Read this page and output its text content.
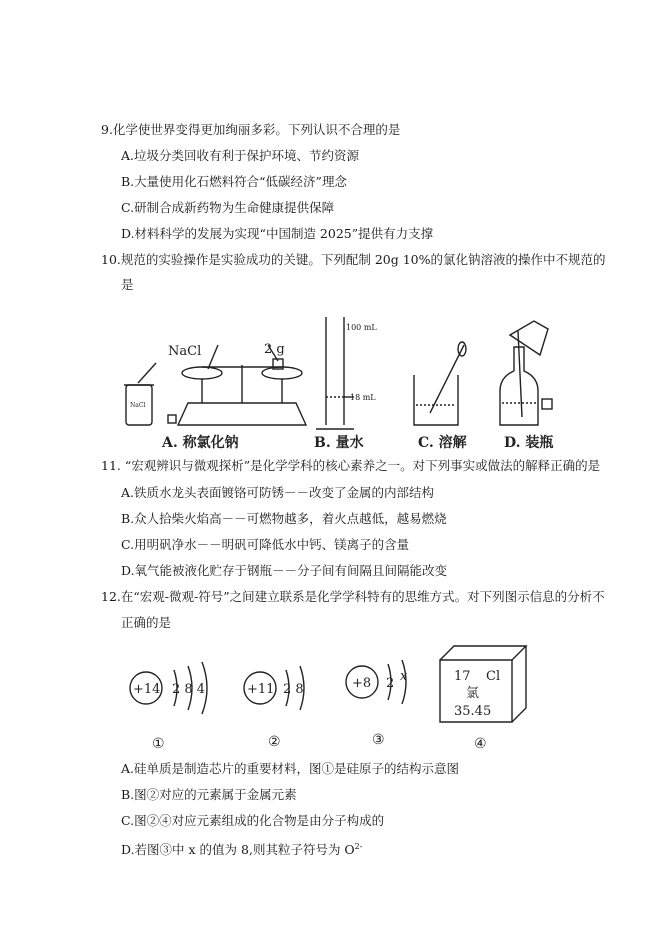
9.化学使世界变得更加绚丽多彩。下列认识不合理的是
A.垃圾分类回收有利于保护环境、节约资源
B.大量使用化石燃料符合“低碳经济”理念
C.研制合成新药物为生命健康提供保障
D.材料科学的发展为实现“中国制造 2025”提供有力支撑
10.规范的实验操作是实验成功的关键。下列配制 20g 10%的氯化钠溶液的操作中不规范的
是
NaCl	2 g
NaCl
100 mL
18 mL
A. 称氯化钠	B. 量水	C. 溶解	D. 装瓶
11. “宏观辨识与微观探析”是化学学科的核心素养之一。对下列事实或做法的解释正确的是
A.铁质水龙头表面镀铬可防锈－－改变了金属的内部结构
B.众人拾柴火焰高－－可燃物越多，着火点越低，越易燃烧
C.用明矾净水－－明矾可降低水中钙、镁离子的含量
D.氧气能被液化贮存于钢瓶－－分子间有间隔且间隔能改变
12.在“宏观-微观-符号”之间建立联系是化学学科特有的思维方式。对下列图示信息的分析不
正确的是
+14 2 8 4	+11 2 8	+8 2 x	17 Cl
氯
35.45
①	②	③	④
A.硅单质是制造芯片的重要材料，图①是硅原子的结构示意图
B.图②对应的元素属于金属元素
C.图②④对应元素组成的化合物是由分子构成的
D.若图③中 x 的值为 8,则其粒子符号为 $O^{2-}$
